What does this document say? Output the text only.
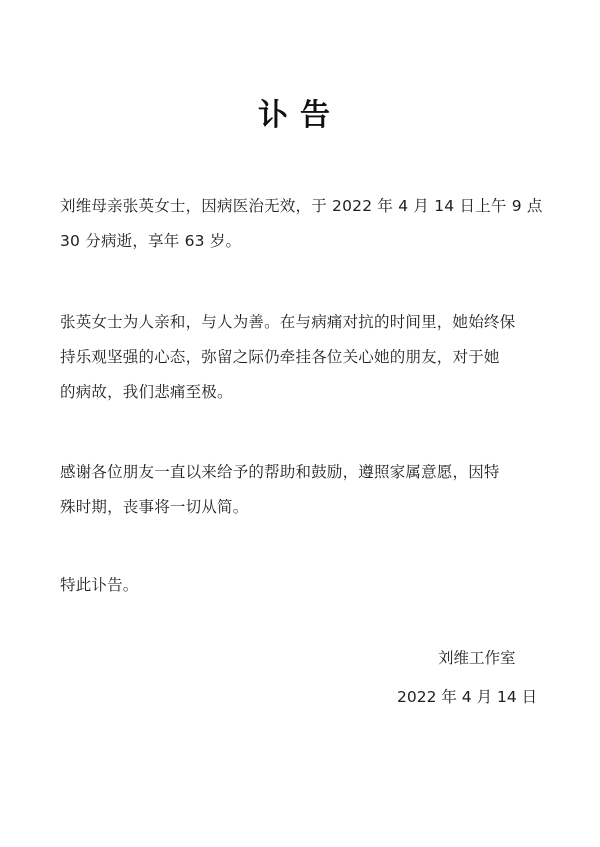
讣告
刘维母亲张英女士，因病医治无效，于 2022 年 4 月 14 日上午 9 点
30 分病逝，享年 63 岁。
张英女士为人亲和，与人为善。在与病痛对抗的时间里，她始终保
持乐观坚强的心态，弥留之际仍牵挂各位关心她的朋友，对于她
的病故，我们悲痛至极。
感谢各位朋友一直以来给予的帮助和鼓励，遵照家属意愿，因特
殊时期，丧事将一切从简。
特此讣告。
刘维工作室
2022 年 4 月 14 日
